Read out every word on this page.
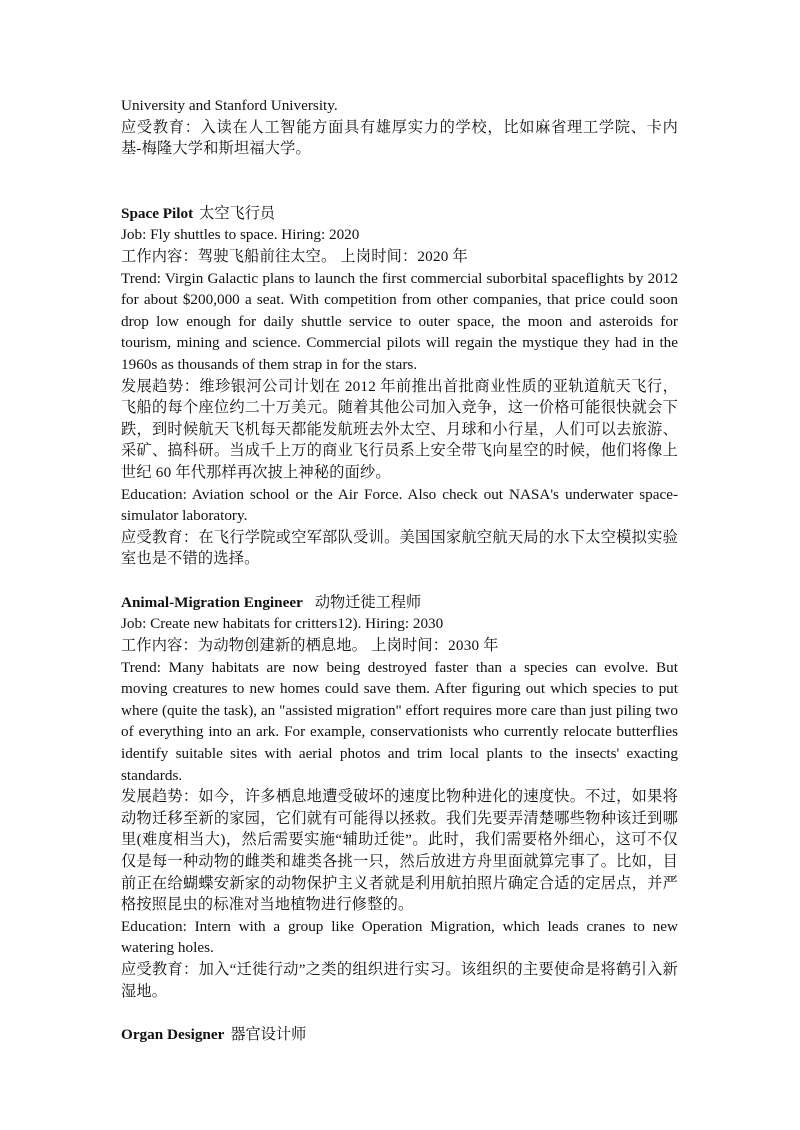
University and Stanford University.

应受教育：入读在人工智能方面具有雄厚实力的学校，比如麻省理工学院、卡内基-梅隆大学和斯坦福大学。

Space Pilot 太空飞行员

Job: Fly shuttles to space. Hiring: 2020

工作内容：驾驶飞船前往太空。 上岗时间：2020 年

Trend: Virgin Galactic plans to launch the first commercial suborbital spaceflights by 2012 for about $200,000 a seat. With competition from other companies, that price could soon drop low enough for daily shuttle service to outer space, the moon and asteroids for tourism, mining and science. Commercial pilots will regain the mystique they had in the 1960s as thousands of them strap in for the stars.

发展趋势：维珍银河公司计划在 2012 年前推出首批商业性质的亚轨道航天飞行，飞船的每个座位约二十万美元。随着其他公司加入竞争，这一价格可能很快就会下跌，到时候航天飞机每天都能发航班去外太空、月球和小行星，人们可以去旅游、采矿、搞科研。当成千上万的商业飞行员系上安全带飞向星空的时候，他们将像上世纪 60 年代那样再次披上神秘的面纱。

Education: Aviation school or the Air Force. Also check out NASA's underwater space-simulator laboratory.

应受教育：在飞行学院或空军部队受训。美国国家航空航天局的水下太空模拟实验室也是不错的选择。

Animal-Migration Engineer 动物迁徙工程师

Job: Create new habitats for critters12). Hiring: 2030

工作内容：为动物创建新的栖息地。 上岗时间：2030 年

Trend: Many habitats are now being destroyed faster than a species can evolve. But moving creatures to new homes could save them. After figuring out which species to put where (quite the task), an "assisted migration" effort requires more care than just piling two of everything into an ark. For example, conservationists who currently relocate butterflies identify suitable sites with aerial photos and trim local plants to the insects' exacting standards.

发展趋势：如今，许多栖息地遭受破坏的速度比物种进化的速度快。不过，如果将动物迁移至新的家园，它们就有可能得以拯救。我们先要弄清楚哪些物种该迁到哪里(难度相当大)，然后需要实施“辅助迁徙”。此时，我们需要格外细心，这可不仅仅是每一种动物的雌类和雄类各挑一只，然后放进方舟里面就算完事了。比如，目前正在给蝴蝶安新家的动物保护主义者就是利用航拍照片确定合适的定居点，并严格按照昆虫的标准对当地植物进行修整的。

Education: Intern with a group like Operation Migration, which leads cranes to new watering holes.

应受教育：加入“迁徙行动”之类的组织进行实习。该组织的主要使命是将鹤引入新湿地。

Organ Designer 器官设计师
